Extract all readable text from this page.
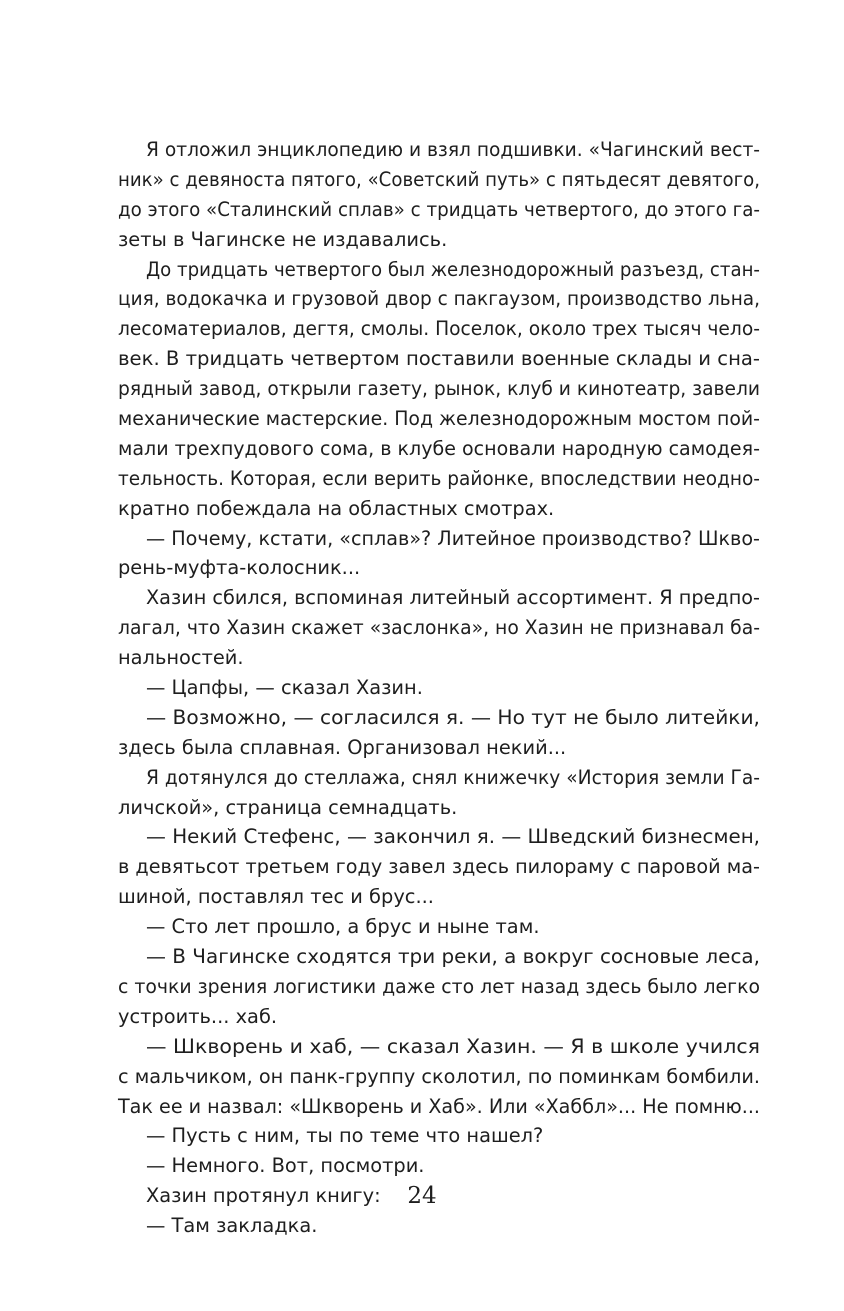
Я отложил энциклопедию и взял подшивки. «Чагинский вест-
ник» с девяноста пятого, «Советский путь» с пятьдесят девятого,
до этого «Сталинский сплав» с тридцать четвертого, до этого га-
зеты в Чагинске не издавались.
До тридцать четвертого был железнодорожный разъезд, стан-
ция, водокачка и грузовой двор с пакгаузом, производство льна,
лесоматериалов, дегтя, смолы. Поселок, около трех тысяч чело-
век. В тридцать четвертом поставили военные склады и сна-
рядный завод, открыли газету, рынок, клуб и кинотеатр, завели
механические мастерские. Под железнодорожным мостом пой-
мали трехпудового сома, в клубе основали народную самодея-
тельность. Которая, если верить районке, впоследствии неодно-
кратно побеждала на областных смотрах.
— Почему, кстати, «сплав»? Литейное производство? Шкво-
рень-муфта-колосник...
Хазин сбился, вспоминая литейный ассортимент. Я предпо-
лагал, что Хазин скажет «заслонка», но Хазин не признавал ба-
нальностей.
— Цапфы, — сказал Хазин.
— Возможно, — согласился я. — Но тут не было литейки,
здесь была сплавная. Организовал некий...
Я дотянулся до стеллажа, снял книжечку «История земли Га-
личской», страница семнадцать.
— Некий Стефенс, — закончил я. — Шведский бизнесмен,
в девятьсот третьем году завел здесь пилораму с паровой ма-
шиной, поставлял тес и брус...
— Сто лет прошло, а брус и ныне там.
— В Чагинске сходятся три реки, а вокруг сосновые леса,
с точки зрения логистики даже сто лет назад здесь было легко
устроить... хаб.
— Шкворень и хаб, — сказал Хазин. — Я в школе учился
с мальчиком, он панк-группу сколотил, по поминкам бомбили.
Так ее и назвал: «Шкворень и Хаб». Или «Хаббл»... Не помню...
— Пусть с ним, ты по теме что нашел?
— Немного. Вот, посмотри.
Хазин протянул книгу:
— Там закладка.
24
